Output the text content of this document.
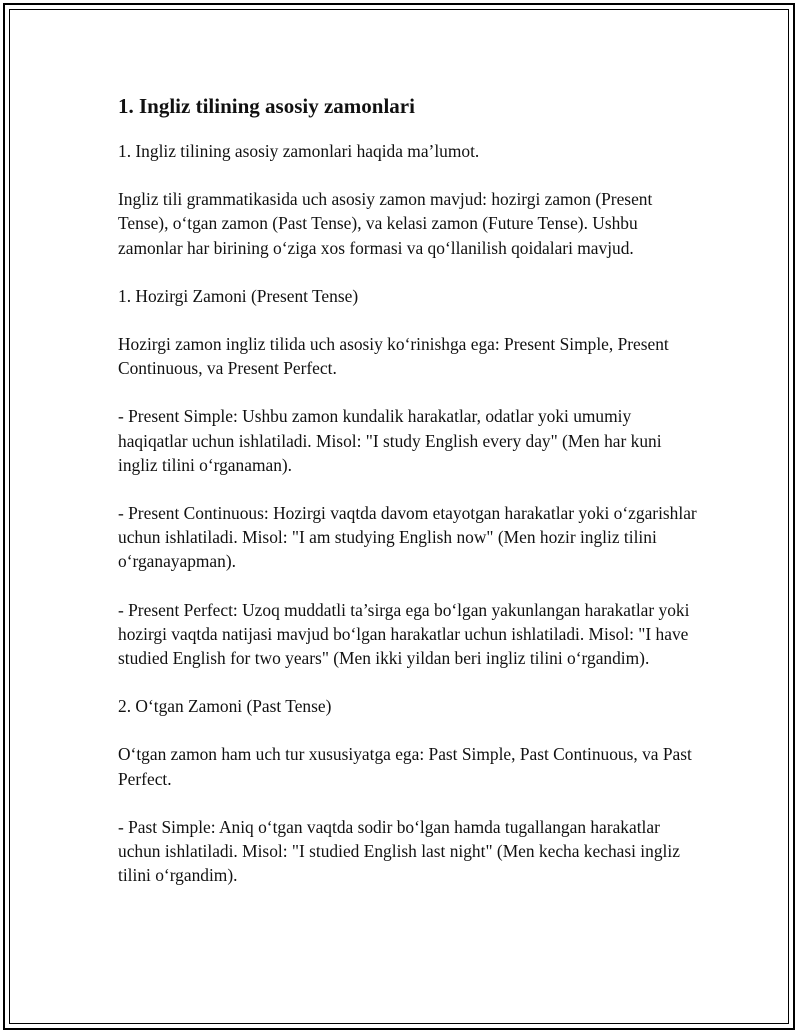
1. Ingliz tilining asosiy zamonlari

1. Ingliz tilining asosiy zamonlari haqida ma’lumot.

Ingliz tili grammatikasida uch asosiy zamon mavjud: hozirgi zamon (Present Tense), o‘tgan zamon (Past Tense), va kelasi zamon (Future Tense). Ushbu zamonlar har birining o‘ziga xos formasi va qo‘llanilish qoidalari mavjud.

1. Hozirgi Zamoni (Present Tense)

Hozirgi zamon ingliz tilida uch asosiy ko‘rinishga ega: Present Simple, Present Continuous, va Present Perfect.

- Present Simple: Ushbu zamon kundalik harakatlar, odatlar yoki umumiy haqiqatlar uchun ishlatiladi. Misol: "I study English every day" (Men har kuni ingliz tilini o‘rganaman).

- Present Continuous: Hozirgi vaqtda davom etayotgan harakatlar yoki o‘zgarishlar uchun ishlatiladi. Misol: "I am studying English now" (Men hozir ingliz tilini o‘rganayapman).

- Present Perfect: Uzoq muddatli ta’sirga ega bo‘lgan yakunlangan harakatlar yoki hozirgi vaqtda natijasi mavjud bo‘lgan harakatlar uchun ishlatiladi. Misol: "I have studied English for two years" (Men ikki yildan beri ingliz tilini o‘rgandim).

2. O‘tgan Zamoni (Past Tense)

O‘tgan zamon ham uch tur xususiyatga ega: Past Simple, Past Continuous, va Past Perfect.

- Past Simple: Aniq o‘tgan vaqtda sodir bo‘lgan hamda tugallangan harakatlar uchun ishlatiladi. Misol: "I studied English last night" (Men kecha kechasi ingliz tilini o‘rgandim).
